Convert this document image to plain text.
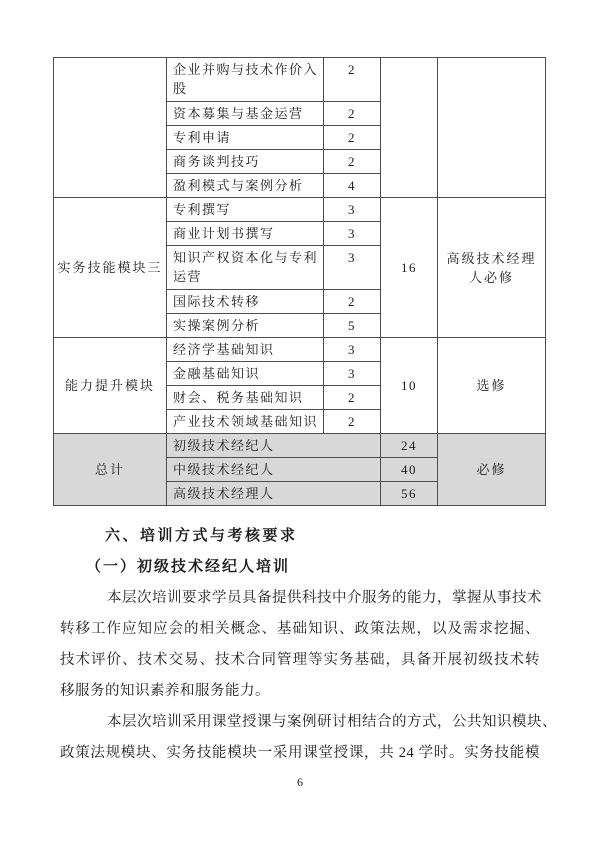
	企业并购与技术作价入股	2		
	资本募集与基金运营	2		
	专利申请	2		
	商务谈判技巧	2		
	盈利模式与案例分析	4		
实务技能模块三	专利撰写	3	16	高级技术经理人必修
	商业计划书撰写	3		
	知识产权资本化与专利运营	3		
	国际技术转移	2		
	实操案例分析	5		
能力提升模块	经济学基础知识	3	10	选修
	金融基础知识	3		
	财会、税务基础知识	2		
	产业技术领域基础知识	2		
总计	初级技术经纪人		24	必修
	中级技术经纪人		40	
	高级技术经理人		56	
六、培训方式与考核要求
（一）初级技术经纪人培训
本层次培训要求学员具备提供科技中介服务的能力，掌握从事技术
转移工作应知应会的相关概念、基础知识、政策法规，以及需求挖掘、
技术评价、技术交易、技术合同管理等实务基础，具备开展初级技术转
移服务的知识素养和服务能力。
本层次培训采用课堂授课与案例研讨相结合的方式，公共知识模块、
政策法规模块、实务技能模块一采用课堂授课，共 24 学时。实务技能模
6
